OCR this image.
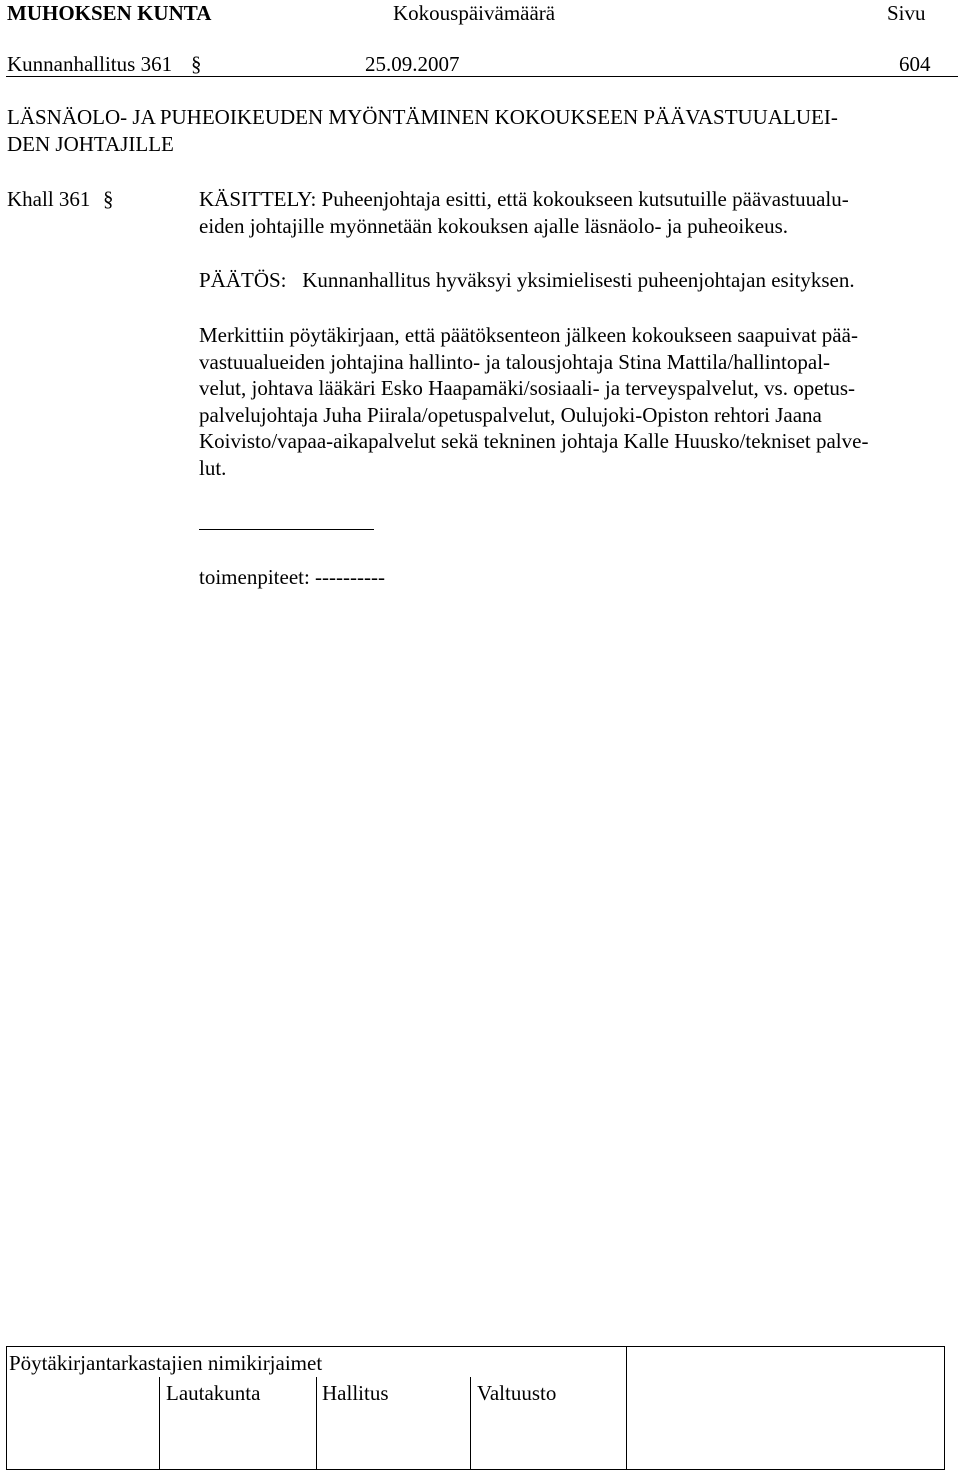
MUHOKSEN KUNTA	Kokouspäivämäärä	Sivu
Kunnanhallitus 361 §	25.09.2007	604
LÄSNÄOLO- JA PUHEOIKEUDEN MYÖNTÄMINEN KOKOUKSEEN PÄÄVASTUUALUEI-
DEN JOHTAJILLE
Khall 361 §	KÄSITTELY: Puheenjohtaja esitti, että kokoukseen kutsutuille päävastuualu-
eiden johtajille myönnetään kokouksen ajalle läsnäolo- ja puheoikeus.
PÄÄTÖS:   Kunnanhallitus hyväksyi yksimielisesti puheenjohtajan esityksen.
Merkittiin pöytäkirjaan, että päätöksenteon jälkeen kokoukseen saapuivat pää-
vastuualueiden johtajina hallinto- ja talousjohtaja Stina Mattila/hallintopal-
velut, johtava lääkäri Esko Haapamäki/sosiaali- ja terveyspalvelut, vs. opetus-
palvelujohtaja Juha Piirala/opetuspalvelut, Oulujoki-Opiston rehtori Jaana
Koivisto/vapaa-aikapalvelut sekä tekninen johtaja Kalle Huusko/tekniset palve-
lut.
toimenpiteet: ----------
Pöytäkirjantarkastajien nimikirjaimet
Lautakunta	Hallitus	Valtuusto
